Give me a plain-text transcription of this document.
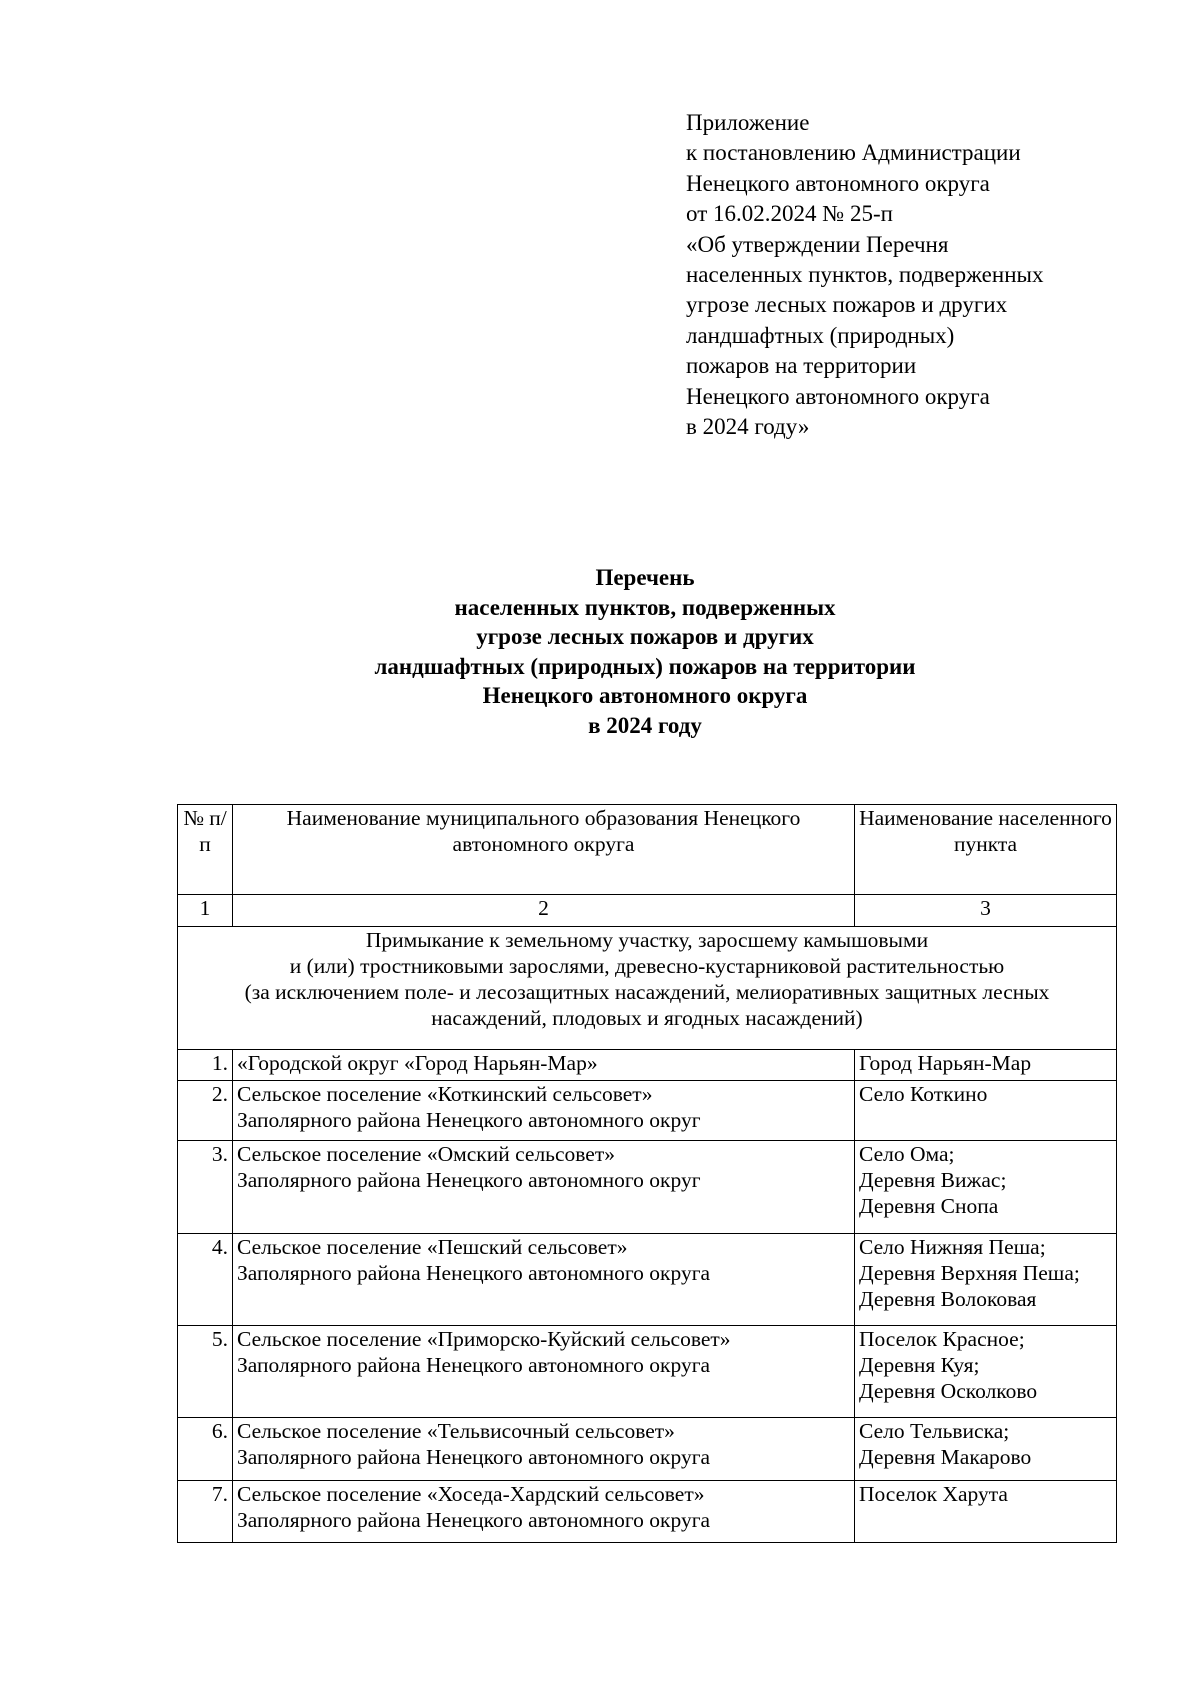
Приложение
к постановлению Администрации
Ненецкого автономного округа
от 16.02.2024 № 25-п
«Об утверждении Перечня
населенных пунктов, подверженных
угрозе лесных пожаров и других
ландшафтных (природных)
пожаров на территории
Ненецкого автономного округа
в 2024 году»
Перечень
населенных пунктов, подверженных
угрозе лесных пожаров и других
ландшафтных (природных) пожаров на территории
Ненецкого автономного округа
в 2024 году
№ п/п	Наименование муниципального образования Ненецкого автономного округа	Наименование населенного пункта
1	2	3

Примыкание к земельному участку, заросшему камышовыми
и (или) тростниковыми зарослями, древесно-кустарниковой растительностью
(за исключением поле- и лесозащитных насаждений, мелиоративных защитных лесных
насаждений, плодовых и ягодных насаждений)		

1.	«Городской округ «Город Нарьян-Мар»	Город Нарьян-Мар

2.	Сельское поселение «Коткинский сельсовет»
Заполярного района Ненецкого автономного округ	Село Коткино

3.	Сельское поселение «Омский сельсовет»
Заполярного района Ненецкого автономного округ	Село Ома;
Деревня Вижас;
Деревня Снопа

4.	Сельское поселение «Пешский сельсовет»
Заполярного района Ненецкого автономного округа	Село Нижняя Пеша;
Деревня Верхняя Пеша;
Деревня Волоковая

5.	Сельское поселение «Приморско-Куйский сельсовет»
Заполярного района Ненецкого автономного округа	Поселок Красное;
Деревня Куя;
Деревня Осколково

6.	Сельское поселение «Тельвисочный сельсовет»
Заполярного района Ненецкого автономного округа	Село Тельвиска;
Деревня Макарово

7.	Сельское поселение «Хоседа-Хардский сельсовет»
Заполярного района Ненецкого автономного округа	Поселок Харута
